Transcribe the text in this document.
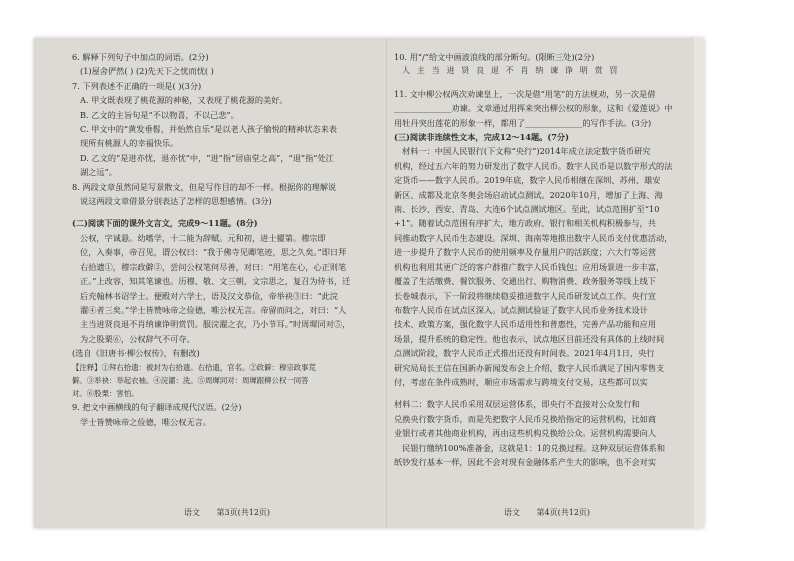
6. 解释下列句子中加点的词语。(2分)
(1)屋舍俨然( ) (2)先天下之忧而忧( )
7. 下列表述不正确的一项是( )(3分)
A. 甲文既表现了桃花源的神秘，又表现了桃花源的美好。
B. 乙文的主旨句是“不以物喜，不以己悲”。
C. 甲文中的“黄发垂髫，并怡然自乐”是以老人孩子愉悦的精神状态来表
现所有桃源人的幸福快乐。
D. 乙文的“是进亦忧，退亦忧”中，“进”指“居庙堂之高”，“退”指“处江
湖之远”。
8. 两段文章虽然同是写景散文，但是写作目的却不一样。根据你的理解说
说这两段文章借景分别表达了怎样的思想感情。(3分)
(二)阅读下面的课外文言文，完成9～11题。(8分)
公权，字诚悬。幼嗜学，十二能为辞赋。元和初，进士擢第。穆宗即
位，入奏事，帝召见，谓公权曰：“我于佛寺见卿笔迹，思之久矣。”即日拜
右拾遗①，穆宗政僻②，尝问公权笔何尽善，对曰：“用笔在心，心正则笔
正。”上改容，知其笔谏也。历穆、敬、文三朝，文宗思之，复召为侍书，迁
后充翰林书诏学士。便殿对六学士，语及汉文恭俭，帝举袂③曰：“此浣
濯④者三矣。”学士皆赞咏帝之俭德，唯公权无言。帝留而问之，对曰：“人
主当进贤良退不肖纳谏诤明赏罚。服浣濯之衣，乃小节耳。”时周墀同对⑤，
为之股栗⑥，公权辞气不可夺。
(选自《旧唐书·柳公权传》，有删改)
【注释】①拜右拾遗：被封为右拾遗。右拾遗，官名。②政僻：穆宗政事荒
僻。③举袂：举起衣袖。④浣濯：洗。⑤周墀同对：周墀跟柳公权一同答
对。⑥股栗：害怕。
9. 把文中画横线的句子翻译成现代汉语。(2分)
学士皆赞咏帝之俭德，唯公权无言。
10. 用“/”给文中画波浪线的部分断句。(限断三处)(2分)
人 主 当 进 贤 良 退 不 肖 纳 谏 诤 明 赏 罚
11. 文中柳公权两次劝谏皇上，一次是借“用笔”的方法规劝，另一次是借
______________劝谏。文章通过用挥来突出柳公权的形象，这和《爱莲说》中
用牡丹突出莲花的形象一样，都用了______________的写作手法。(3分)
(三)阅读非连续性文本，完成12～14题。(7分)
材料一：中国人民银行(下文称“央行”)2014年成立法定数字货币研究
机构，经过五六年的努力研发出了数字人民币。数字人民币是以数字形式的法
定货币——数字人民币。2019年底，数字人民币相继在深圳、苏州、雄安
新区、成都及北京冬奥会场启动试点测试。2020年10月，增加了上海、海
南、长沙、西安、青岛、大连6个试点测试地区。至此，试点范围扩至“10
+1”。随着试点范围有序扩大，地方政府、银行和相关机构积极参与，共
同推动数字人民币生态建设。深圳、海南等地推出数字人民币支付优惠活动，
进一步提升了数字人民币的使用频率及存量用户的活跃度；六大行等运营
机构也利用其更广泛的客户群推广数字人民币钱包；应用场景进一步丰富，
覆盖了生活缴费、餐饮服务、交通出行、购物消费、政务服务等线上线下
长卷城表示，下一阶段将继续稳妥推进数字人民币研发试点工作。央行宣
布数字人民币在试点区深入。试点测试验证了数字人民币业务技术设计
技术、政策方案，强化数字人民币适用性和普惠性，完善产品功能和应用
场景，提升系统的稳定性。他也表示，试点地区目前还没有具体的上线时间
点测试阶段，数字人民币正式推出还没有时间表。2021年4月1日，央行
研究局局长王信在国新办新闻发布会上介绍，数字人民币满足了国内零售支
付，考虑在条件成熟时，顺应市场需求与跨境支付交易，这些都可以实
材料二：数字人民币采用双层运营体系，即央行不直接对公众发行和
兑换央行数字货币，而是先把数字人民币兑换给指定的运营机构，比如商
业银行或者其他商业机构，再由这些机构兑换给公众。运营机构需要向人
民银行缴纳100%准备金，这就是1：1的兑换过程。这种双层运营体系和
纸钞发行基本一样，因此不会对现有金融体系产生大的影响，也不会对实
语文 第3页(共12页)	语文 第4页(共12页)
